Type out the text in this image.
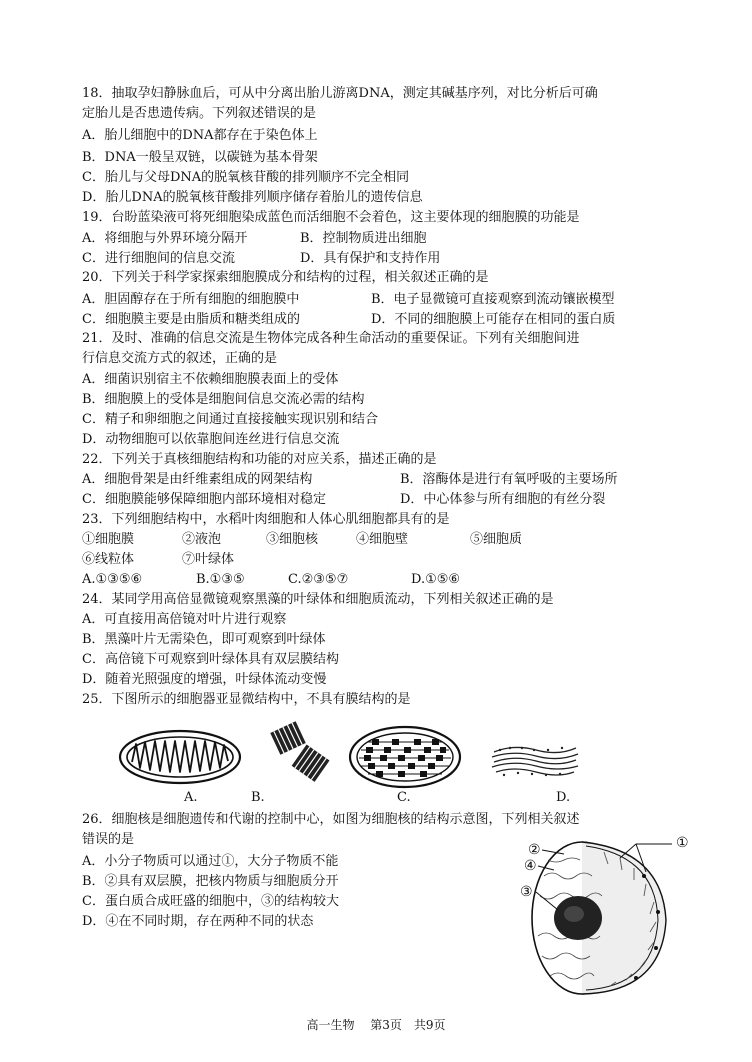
18．抽取孕妇静脉血后，可从中分离出胎儿游离DNA，测定其碱基序列，对比分析后可确
定胎儿是否患遗传病。下列叙述错误的是
A．胎儿细胞中的DNA都存在于染色体上
B．DNA一般呈双链，以碳链为基本骨架
C．胎儿与父母DNA的脱氧核苷酸的排列顺序不完全相同
D．胎儿DNA的脱氧核苷酸排列顺序储存着胎儿的遗传信息
19．台盼蓝染液可将死细胞染成蓝色而活细胞不会着色，这主要体现的细胞膜的功能是
A．将细胞与外界环境分隔开	B．控制物质进出细胞
C．进行细胞间的信息交流	D．具有保护和支持作用
20．下列关于科学家探索细胞膜成分和结构的过程，相关叙述正确的是
A．胆固醇存在于所有细胞的细胞膜中	B．电子显微镜可直接观察到流动镶嵌模型
C．细胞膜主要是由脂质和糖类组成的	D．不同的细胞膜上可能存在相同的蛋白质
21．及时、准确的信息交流是生物体完成各种生命活动的重要保证。下列有关细胞间进
行信息交流方式的叙述，正确的是
A．细菌识别宿主不依赖细胞膜表面上的受体
B．细胞膜上的受体是细胞间信息交流必需的结构
C．精子和卵细胞之间通过直接接触实现识别和结合
D．动物细胞可以依靠胞间连丝进行信息交流
22．下列关于真核细胞结构和功能的对应关系，描述正确的是
A．细胞骨架是由纤维素组成的网架结构	B．溶酶体是进行有氧呼吸的主要场所
C．细胞膜能够保障细胞内部环境相对稳定	D．中心体参与所有细胞的有丝分裂
23．下列细胞结构中，水稻叶肉细胞和人体心肌细胞都具有的是
①细胞膜	②液泡	③细胞核	④细胞壁	⑤细胞质
⑥线粒体	⑦叶绿体
A.①③⑤⑥	B.①③⑤	C.②③⑤⑦	D.①⑤⑥
24．某同学用高倍显微镜观察黑藻的叶绿体和细胞质流动，下列相关叙述正确的是
A．可直接用高倍镜对叶片进行观察
B．黑藻叶片无需染色，即可观察到叶绿体
C．高倍镜下可观察到叶绿体具有双层膜结构
D．随着光照强度的增强，叶绿体流动变慢
25．下图所示的细胞器亚显微结构中，不具有膜结构的是
A.	B.	C.	D.
26．细胞核是细胞遗传和代谢的控制中心，如图为细胞核的结构示意图，下列相关叙述
错误的是
A．小分子物质可以通过①，大分子物质不能
B．②具有双层膜，把核内物质与细胞质分开
C．蛋白质合成旺盛的细胞中，③的结构较大
D．④在不同时期，存在两种不同的状态
①
②
④
③
高一生物　 第3页　共9页
